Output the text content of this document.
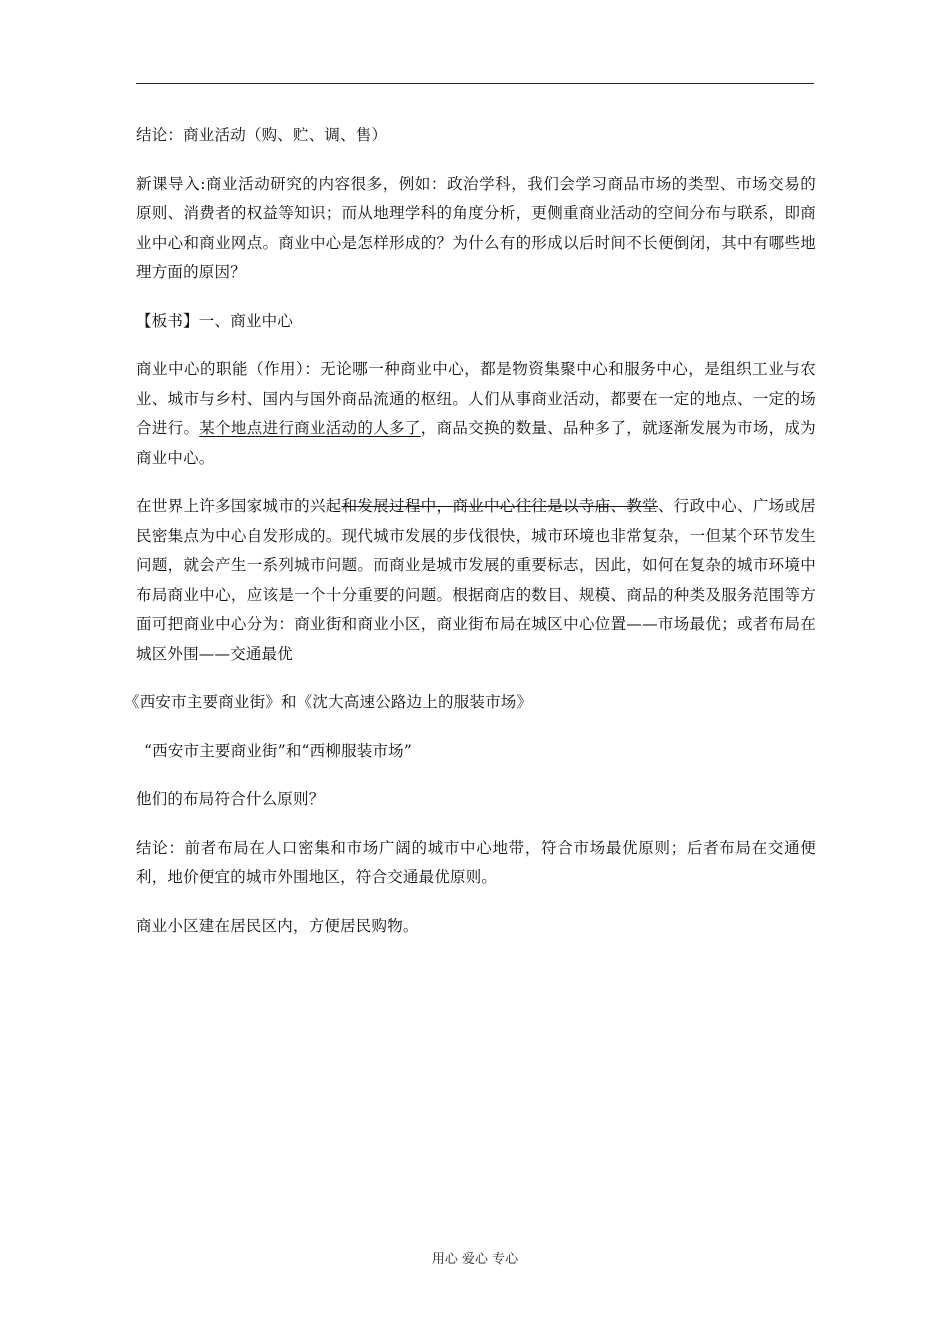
结论：商业活动（购、贮、调、售）

新课导入:商业活动研究的内容很多，例如：政治学科，我们会学习商品市场的类型、市场交易的原则、消费者的权益等知识；而从地理学科的角度分析，更侧重商业活动的空间分布与联系，即商业中心和商业网点。商业中心是怎样形成的？为什么有的形成以后时间不长便倒闭，其中有哪些地理方面的原因？

【板书】一、商业中心

商业中心的职能（作用）：无论哪一种商业中心，都是物资集聚中心和服务中心，是组织工业与农业、城市与乡村、国内与国外商品流通的枢纽。人们从事商业活动，都要在一定的地点、一定的场合进行。某个地点进行商业活动的人多了，商品交换的数量、品种多了，就逐渐发展为市场，成为商业中心。

在世界上许多国家城市的兴起和发展过程中，商业中心往往是以寺庙、教堂、行政中心、广场或居民密集点为中心自发形成的。现代城市发展的步伐很快，城市环境也非常复杂，一但某个环节发生问题，就会产生一系列城市问题。而商业是城市发展的重要标志，因此，如何在复杂的城市环境中布局商业中心，应该是一个十分重要的问题。根据商店的数目、规模、商品的种类及服务范围等方面可把商业中心分为：商业街和商业小区，商业街布局在城区中心位置——市场最优；或者布局在城区外围——交通最优

《西安市主要商业街》和《沈大高速公路边上的服装市场》

“西安市主要商业街”和“西柳服装市场”

他们的布局符合什么原则？

结论：前者布局在人口密集和市场广阔的城市中心地带，符合市场最优原则；后者布局在交通便利，地价便宜的城市外围地区，符合交通最优原则。

商业小区建在居民区内，方便居民购物。

用心 爱心 专心
